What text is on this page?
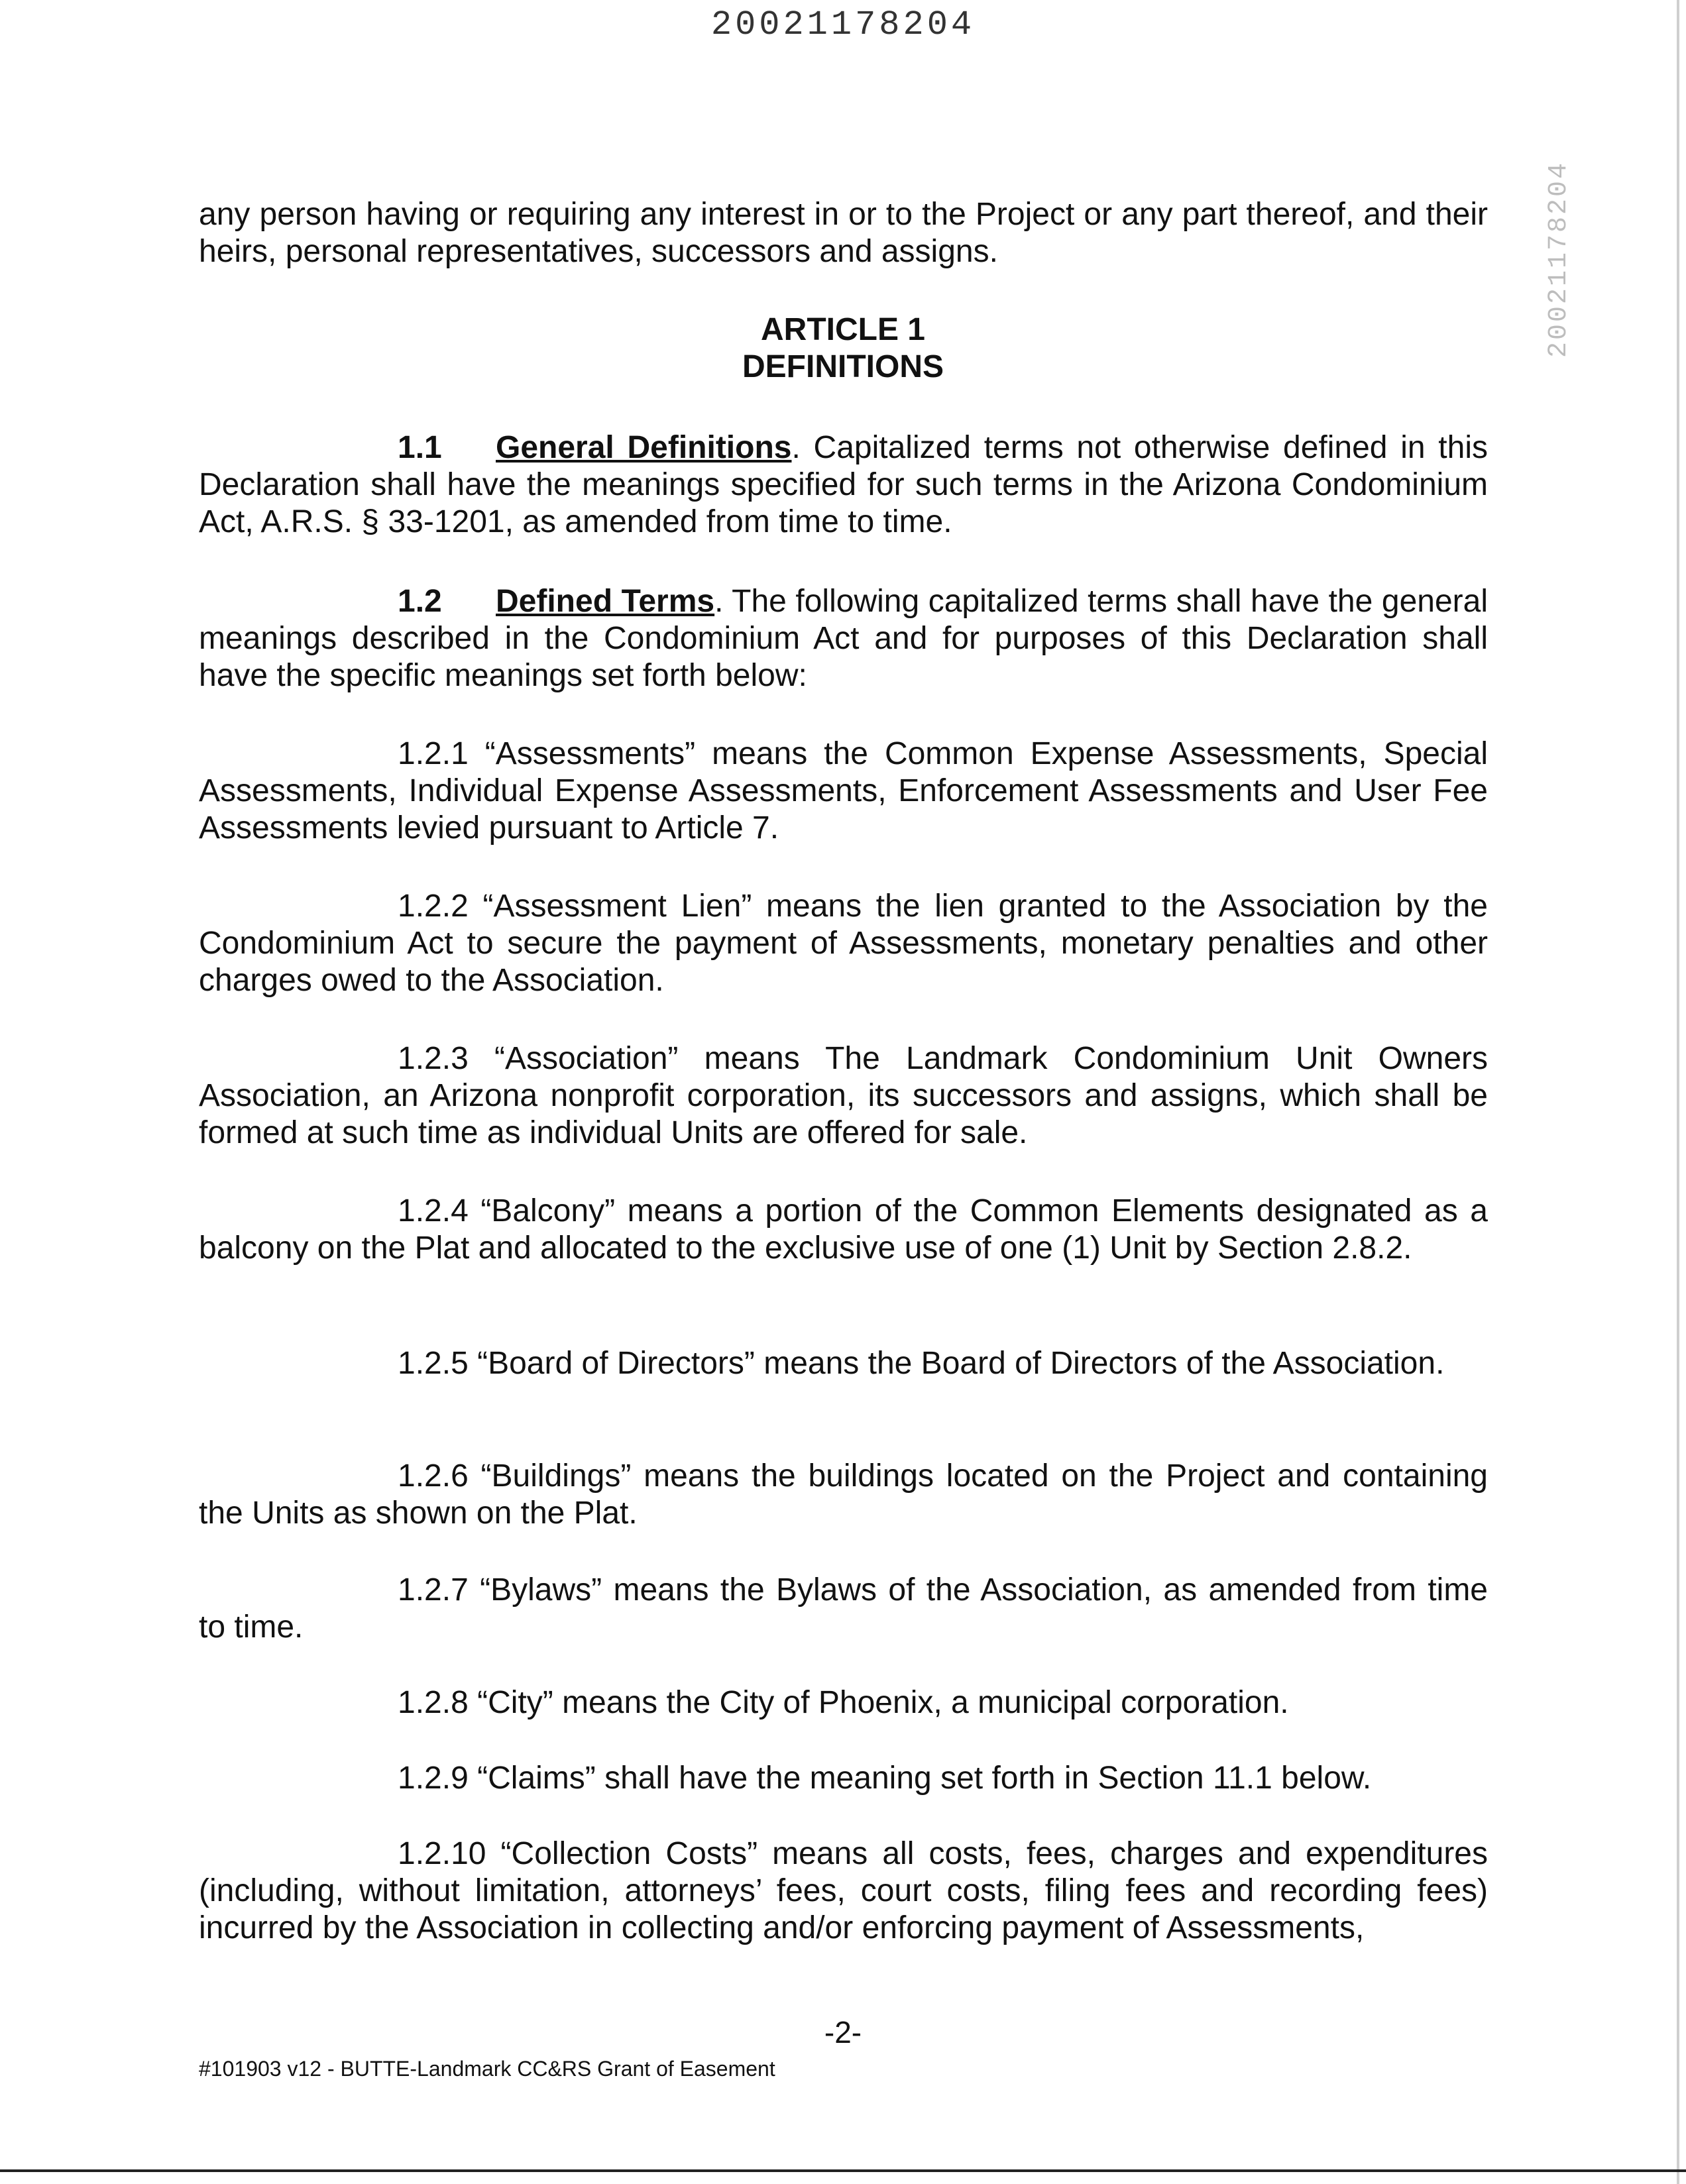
20021178204
20021178204
any person having or requiring any interest in or to the Project or any part thereof, and their heirs, personal representatives, successors and assigns.
ARTICLE 1
DEFINITIONS
1.1 General Definitions. Capitalized terms not otherwise defined in this Declaration shall have the meanings specified for such terms in the Arizona Condominium Act, A.R.S. § 33-1201, as amended from time to time.
1.2 Defined Terms. The following capitalized terms shall have the general meanings described in the Condominium Act and for purposes of this Declaration shall have the specific meanings set forth below:
1.2.1 “Assessments” means the Common Expense Assessments, Special Assessments, Individual Expense Assessments, Enforcement Assessments and User Fee Assessments levied pursuant to Article 7.
1.2.2 “Assessment Lien” means the lien granted to the Association by the Condominium Act to secure the payment of Assessments, monetary penalties and other charges owed to the Association.
1.2.3 “Association” means The Landmark Condominium Unit Owners Association, an Arizona nonprofit corporation, its successors and assigns, which shall be formed at such time as individual Units are offered for sale.
1.2.4 “Balcony” means a portion of the Common Elements designated as a balcony on the Plat and allocated to the exclusive use of one (1) Unit by Section 2.8.2.
1.2.5 “Board of Directors” means the Board of Directors of the Association.
1.2.6 “Buildings” means the buildings located on the Project and containing the Units as shown on the Plat.
1.2.7 “Bylaws” means the Bylaws of the Association, as amended from time to time.
1.2.8 “City” means the City of Phoenix, a municipal corporation.
1.2.9 “Claims” shall have the meaning set forth in Section 11.1 below.
1.2.10 “Collection Costs” means all costs, fees, charges and expenditures (including, without limitation, attorneys’ fees, court costs, filing fees and recording fees) incurred by the Association in collecting and/or enforcing payment of Assessments,
-2-
#101903 v12 - BUTTE-Landmark CC&RS Grant of Easement
